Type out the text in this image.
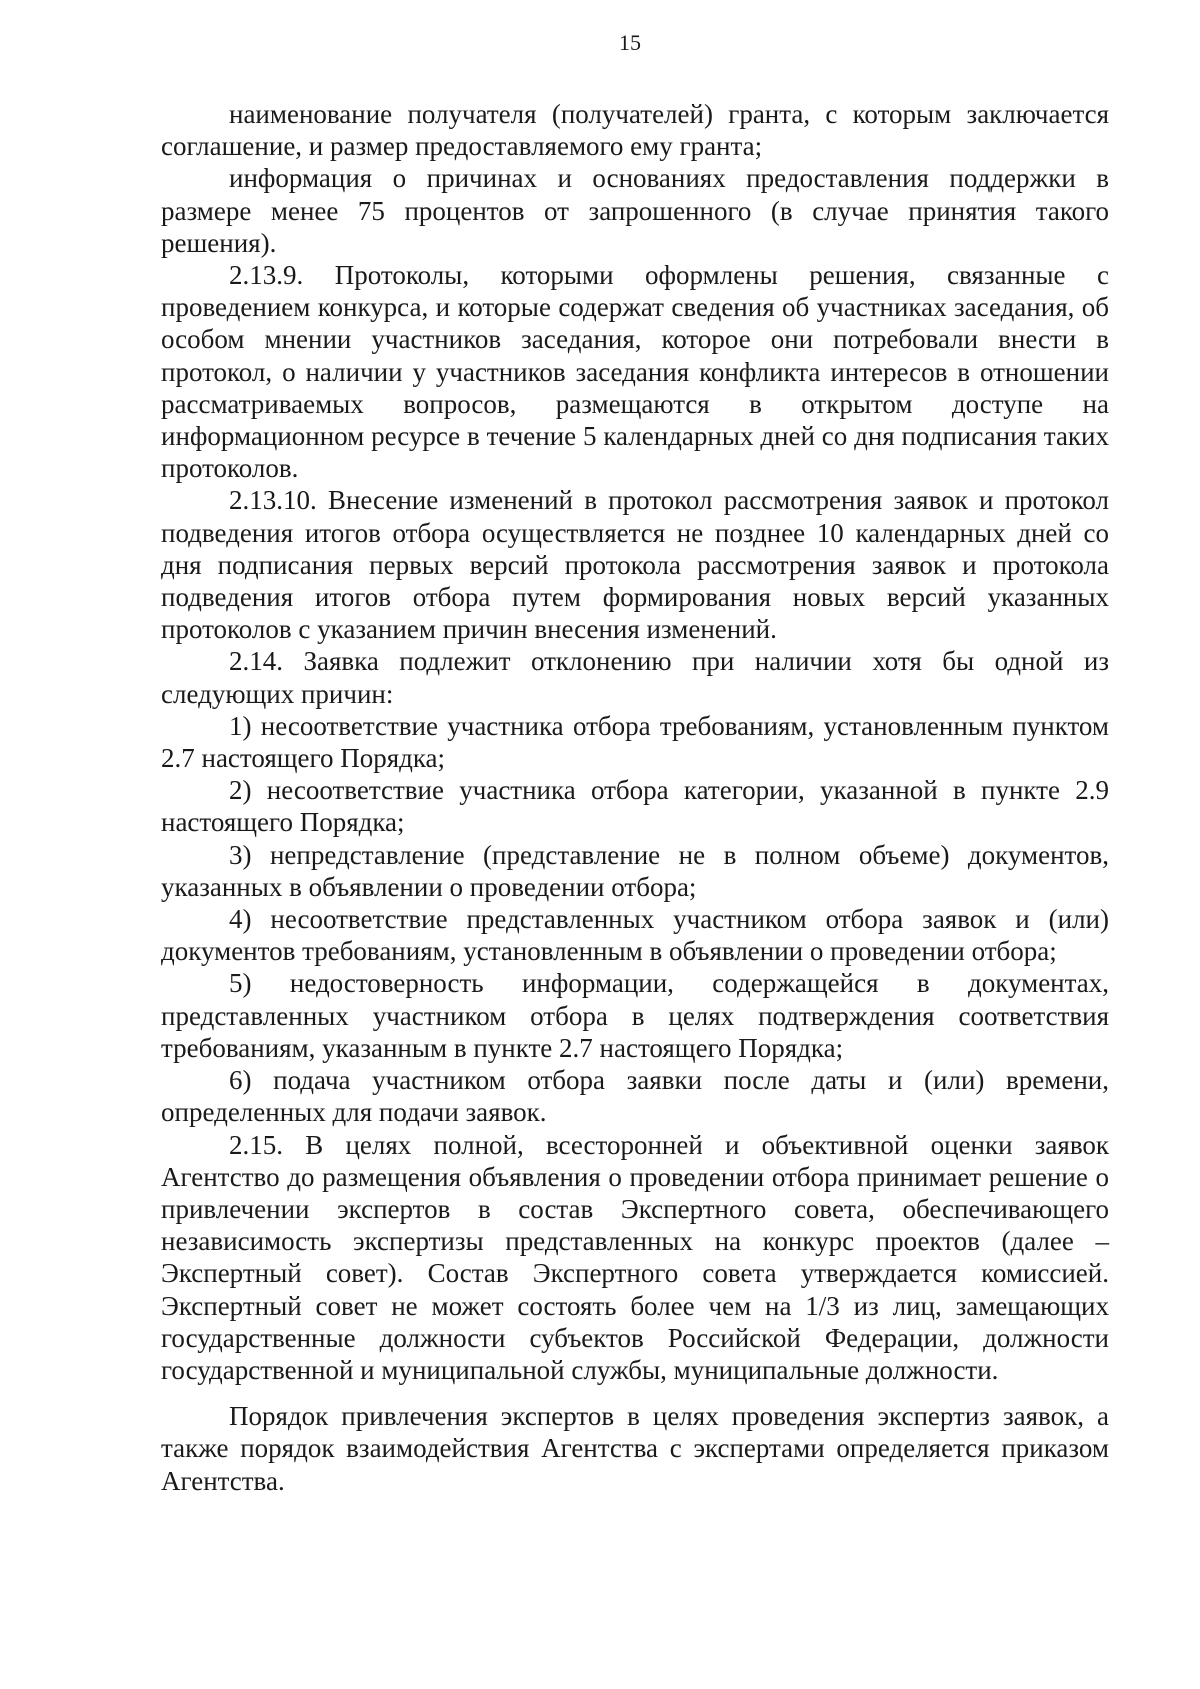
15

наименование получателя (получателей) гранта, с которым заключается соглашение, и размер предоставляемого ему гранта;

информация о причинах и основаниях предоставления поддержки в размере менее 75 процентов от запрошенного (в случае принятия такого решения).

2.13.9. Протоколы, которыми оформлены решения, связанные с проведением конкурса, и которые содержат сведения об участниках заседания, об особом мнении участников заседания, которое они потребовали внести в протокол, о наличии у участников заседания конфликта интересов в отношении рассматриваемых вопросов, размещаются в открытом доступе на информационном ресурсе в течение 5 календарных дней со дня подписания таких протоколов.

2.13.10. Внесение изменений в протокол рассмотрения заявок и протокол подведения итогов отбора осуществляется не позднее 10 календарных дней со дня подписания первых версий протокола рассмотрения заявок и протокола подведения итогов отбора путем формирования новых версий указанных протоколов с указанием причин внесения изменений.

2.14. Заявка подлежит отклонению при наличии хотя бы одной из следующих причин:

1) несоответствие участника отбора требованиям, установленным пунктом 2.7 настоящего Порядка;

2) несоответствие участника отбора категории, указанной в пункте 2.9 настоящего Порядка;

3) непредставление (представление не в полном объеме) документов, указанных в объявлении о проведении отбора;

4) несоответствие представленных участником отбора заявок и (или) документов требованиям, установленным в объявлении о проведении отбора;

5) недостоверность информации, содержащейся в документах, представленных участником отбора в целях подтверждения соответствия требованиям, указанным в пункте 2.7 настоящего Порядка;

6) подача участником отбора заявки после даты и (или) времени, определенных для подачи заявок.

2.15. В целях полной, всесторонней и объективной оценки заявок Агентство до размещения объявления о проведении отбора принимает решение о привлечении экспертов в состав Экспертного совета, обеспечивающего независимость экспертизы представленных на конкурс проектов (далее – Экспертный совет). Состав Экспертного совета утверждается комиссией. Экспертный совет не может состоять более чем на 1/3 из лиц, замещающих государственные должности субъектов Российской Федерации, должности государственной и муниципальной службы, муниципальные должности.

Порядок привлечения экспертов в целях проведения экспертиз заявок, а также порядок взаимодействия Агентства с экспертами определяется приказом Агентства.
